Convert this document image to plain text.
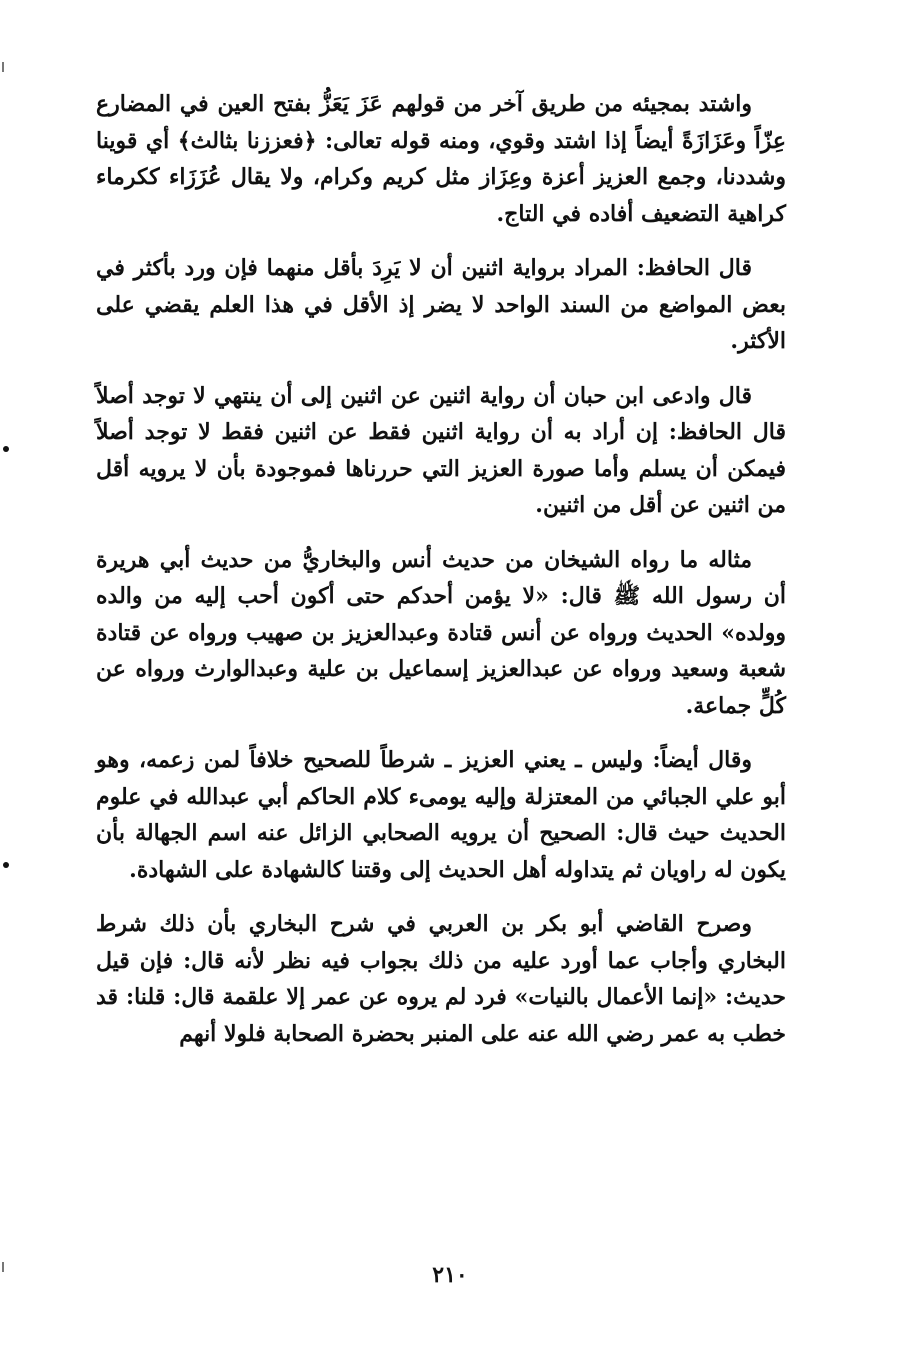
واشتد بمجيئه من طريق آخر من قولهم عَزَ يَعَزُّ بفتح العين في المضارع عِزّاً وعَزَازَةً أيضاً إذا اشتد وقوي، ومنه قوله تعالى: ﴿فعززنا بثالث﴾ أي قوينا وشددنا، وجمع العزيز أعزة وعِزَاز مثل كريم وكرام، ولا يقال عُزَزَاء ككرماء كراهية التضعيف أفاده في التاج.

قال الحافظ: المراد برواية اثنين أن لا يَرِدَ بأقل منهما فإن ورد بأكثر في بعض المواضع من السند الواحد لا يضر إذ الأقل في هذا العلم يقضي على الأكثر.

قال وادعى ابن حبان أن رواية اثنين عن اثنين إلى أن ينتهي لا توجد أصلاً قال الحافظ: إن أراد به أن رواية اثنين فقط عن اثنين فقط لا توجد أصلاً فيمكن أن يسلم وأما صورة العزيز التي حررناها فموجودة بأن لا يرويه أقل من اثنين عن أقل من اثنين.

مثاله ما رواه الشيخان من حديث أنس والبخاريُّ من حديث أبي هريرة أن رسول الله ﷺ قال: «لا يؤمن أحدكم حتى أكون أحب إليه من والده وولده» الحديث ورواه عن أنس قتادة وعبدالعزيز بن صهيب ورواه عن قتادة شعبة وسعيد ورواه عن عبدالعزيز إسماعيل بن علية وعبدالوارث ورواه عن كُلٍّ جماعة.

وقال أيضاً: وليس ـ يعني العزيز ـ شرطاً للصحيح خلافاً لمن زعمه، وهو أبو علي الجبائي من المعتزلة وإليه يومىء كلام الحاكم أبي عبدالله في علوم الحديث حيث قال: الصحيح أن يرويه الصحابي الزائل عنه اسم الجهالة بأن يكون له راويان ثم يتداوله أهل الحديث إلى وقتنا كالشهادة على الشهادة.

وصرح القاضي أبو بكر بن العربي في شرح البخاري بأن ذلك شرط البخاري وأجاب عما أورد عليه من ذلك بجواب فيه نظر لأنه قال: فإن قيل حديث: «إنما الأعمال بالنيات» فرد لم يروه عن عمر إلا علقمة قال: قلنا: قد خطب به عمر رضي الله عنه على المنبر بحضرة الصحابة فلولا أنهم

٢١٠
